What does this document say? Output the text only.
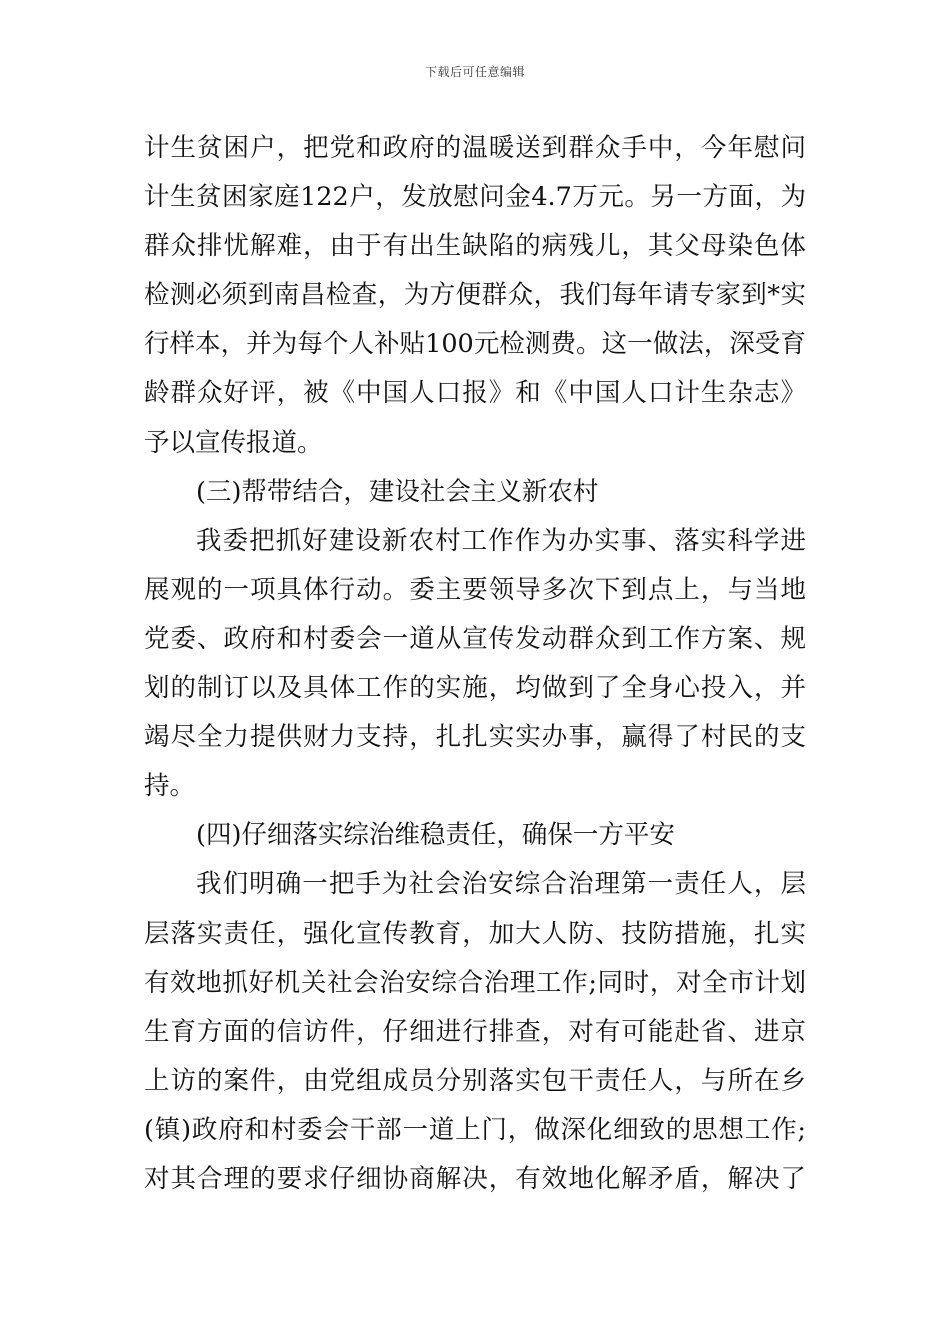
下载后可任意编辑
计生贫困户，把党和政府的温暖送到群众手中，今年慰问
计生贫困家庭122户，发放慰问金4.7万元。另一方面，为
群众排忧解难，由于有出生缺陷的病残儿，其父母染色体
检测必须到南昌检查，为方便群众，我们每年请专家到*实
行样本，并为每个人补贴100元检测费。这一做法，深受育
龄群众好评，被《中国人口报》和《中国人口计生杂志》
予以宣传报道。
(三)帮带结合，建设社会主义新农村
我委把抓好建设新农村工作作为办实事、落实科学进
展观的一项具体行动。委主要领导多次下到点上，与当地
党委、政府和村委会一道从宣传发动群众到工作方案、规
划的制订以及具体工作的实施，均做到了全身心投入，并
竭尽全力提供财力支持，扎扎实实办事，赢得了村民的支
持。
(四)仔细落实综治维稳责任，确保一方平安
我们明确一把手为社会治安综合治理第一责任人，层
层落实责任，强化宣传教育，加大人防、技防措施，扎实
有效地抓好机关社会治安综合治理工作;同时，对全市计划
生育方面的信访件，仔细进行排查，对有可能赴省、进京
上访的案件，由党组成员分别落实包干责任人，与所在乡
(镇)政府和村委会干部一道上门，做深化细致的思想工作;
对其合理的要求仔细协商解决，有效地化解矛盾，解决了
